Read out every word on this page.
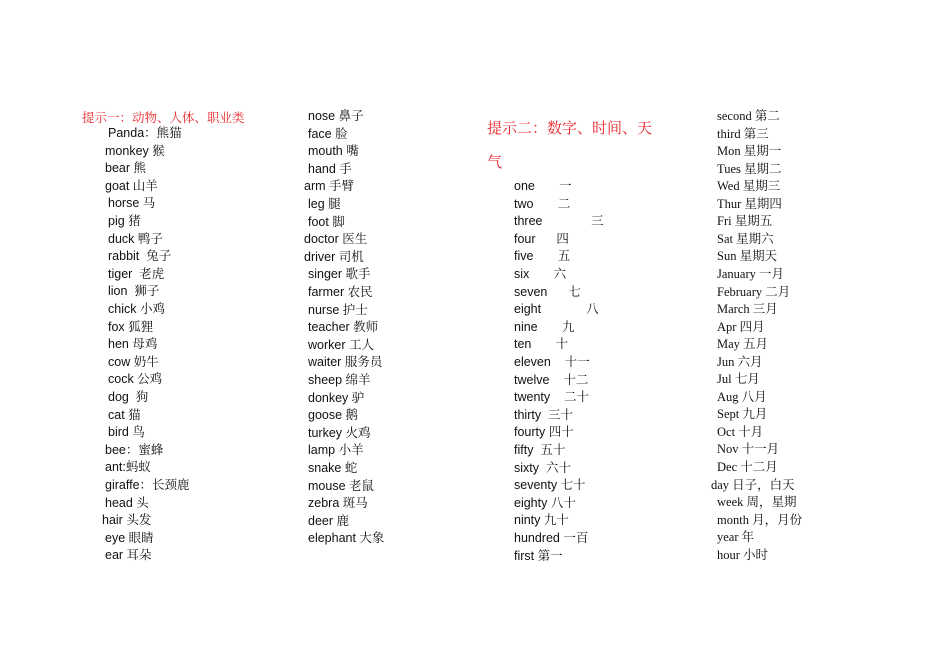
提示一：动物、人体、职业类
提示二：数字、时间、天
气
Panda：熊猫
monkey 猴
bear 熊
goat 山羊
horse 马
pig 猪
duck 鸭子
rabbit  兔子
tiger  老虎
lion  狮子
chick 小鸡
fox 狐狸
hen 母鸡
cow 奶牛
cock 公鸡
dog  狗
cat 猫
bird 鸟
bee：蜜蜂
ant:蚂蚁
giraffe：长颈鹿
head 头
hair 头发
eye 眼睛
ear 耳朵
nose 鼻子
face 脸
mouth 嘴
hand 手
arm 手臂
leg 腿
foot 脚
doctor 医生
driver 司机
singer 歌手
farmer 农民
nurse 护士
teacher 教师
worker 工人
waiter 服务员
sheep 绵羊
donkey 驴
goose 鹅
turkey 火鸡
lamp 小羊
snake 蛇
mouse 老鼠
zebra 斑马
deer 鹿
elephant 大象
one       一
two       二
three              三
four      四
five       五
six       六
seven      七
eight             八
nine       九
ten       十
eleven    十一
twelve    十二
twenty    二十
thirty  三十
fourty 四十
fifty  五十
sixty  六十
seventy 七十
eighty 八十
ninty 九十
hundred 一百
first 第一
second 第二
third 第三
Mon 星期一
Tues 星期二
Wed 星期三
Thur 星期四
Fri 星期五
Sat 星期六
Sun 星期天
January 一月
February 二月
March 三月
Apr 四月
May 五月
Jun 六月
Jul 七月
Aug 八月
Sept 九月
Oct 十月
Nov 十一月
Dec 十二月
day 日子，白天
week 周，星期
month 月，月份
year 年
hour 小时
